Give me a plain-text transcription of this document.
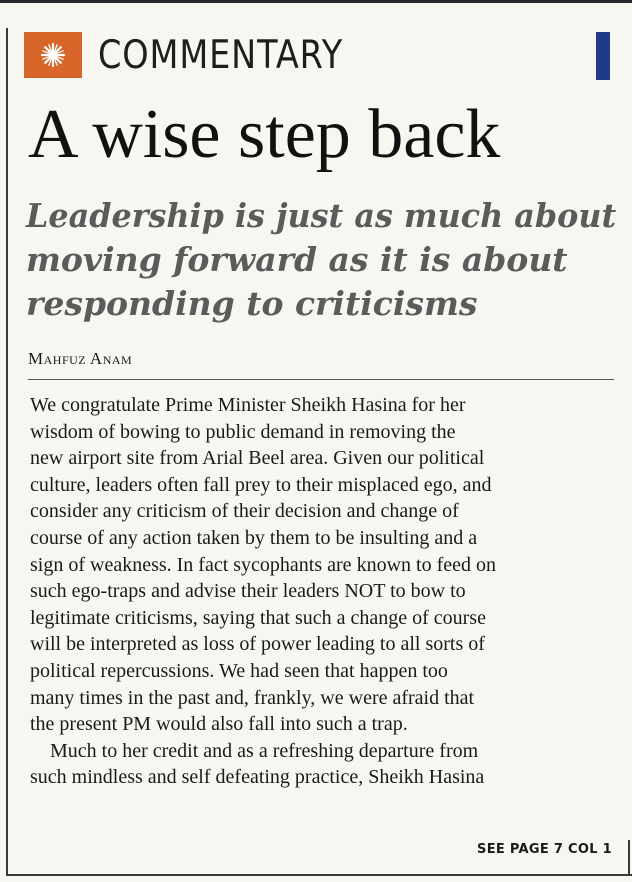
COMMENTARY
A wise step back
Leadership is just as much about
moving forward as it is about
responding to criticisms
Mahfuz Anam
We congratulate Prime Minister Sheikh Hasina for her
wisdom of bowing to public demand in removing the
new airport site from Arial Beel area. Given our political
culture, leaders often fall prey to their misplaced ego, and
consider any criticism of their decision and change of
course of any action taken by them to be insulting and a
sign of weakness. In fact sycophants are known to feed on
such ego-traps and advise their leaders NOT to bow to
legitimate criticisms, saying that such a change of course
will be interpreted as loss of power leading to all sorts of
political repercussions. We had seen that happen too
many times in the past and, frankly, we were afraid that
the present PM would also fall into such a trap.
Much to her credit and as a refreshing departure from
such mindless and self defeating practice, Sheikh Hasina
SEE PAGE 7 COL 1
